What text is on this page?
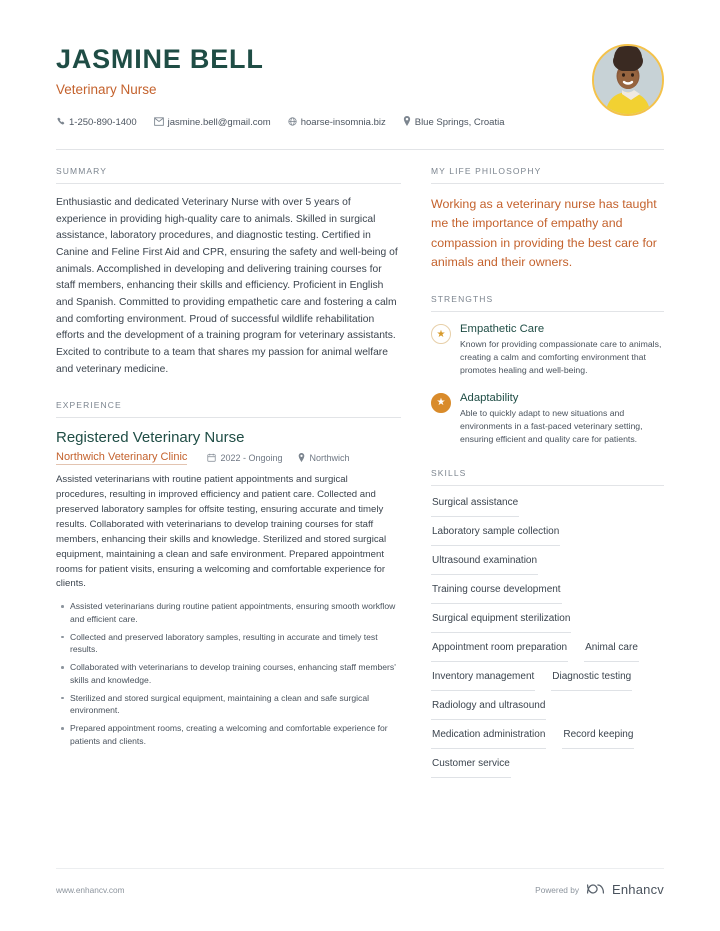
JASMINE BELL
Veterinary Nurse
1-250-890-1400	jasmine.bell@gmail.com	hoarse-insomnia.biz	Blue Springs, Croatia
SUMMARY
Enthusiastic and dedicated Veterinary Nurse with over 5 years of experience in providing high-quality care to animals. Skilled in surgical assistance, laboratory procedures, and diagnostic testing. Certified in Canine and Feline First Aid and CPR, ensuring the safety and well-being of animals. Accomplished in developing and delivering training courses for staff members, enhancing their skills and efficiency. Proficient in English and Spanish. Committed to providing empathetic care and fostering a calm and comforting environment. Proud of successful wildlife rehabilitation efforts and the development of a training program for veterinary assistants. Excited to contribute to a team that shares my passion for animal welfare and veterinary medicine.
EXPERIENCE
Registered Veterinary Nurse
Northwich Veterinary Clinic	2022 - Ongoing	Northwich
Assisted veterinarians with routine patient appointments and surgical procedures, resulting in improved efficiency and patient care. Collected and preserved laboratory samples for offsite testing, ensuring accurate and timely results. Collaborated with veterinarians to develop training courses for staff members, enhancing their skills and knowledge. Sterilized and stored surgical equipment, maintaining a clean and safe environment. Prepared appointment rooms for patient visits, ensuring a welcoming and comfortable experience for clients.
Assisted veterinarians during routine patient appointments, ensuring smooth workflow and efficient care.
Collected and preserved laboratory samples, resulting in accurate and timely test results.
Collaborated with veterinarians to develop training courses, enhancing staff members' skills and knowledge.
Sterilized and stored surgical equipment, maintaining a clean and safe surgical environment.
Prepared appointment rooms, creating a welcoming and comfortable experience for patients and clients.
MY LIFE PHILOSOPHY
Working as a veterinary nurse has taught me the importance of empathy and compassion in providing the best care for animals and their owners.
STRENGTHS
★	Empathetic Care
Known for providing compassionate care to animals, creating a calm and comforting environment that promotes healing and well-being.
★	Adaptability
Able to quickly adapt to new situations and environments in a fast-paced veterinary setting, ensuring efficient and quality care for patients.
SKILLS
Surgical assistance
Laboratory sample collection
Ultrasound examination
Training course development
Surgical equipment sterilization
Appointment room preparation Animal care
Inventory management Diagnostic testing
Radiology and ultrasound
Medication administration Record keeping
Customer service
www.enhancv.com	Powered by	Enhancv
